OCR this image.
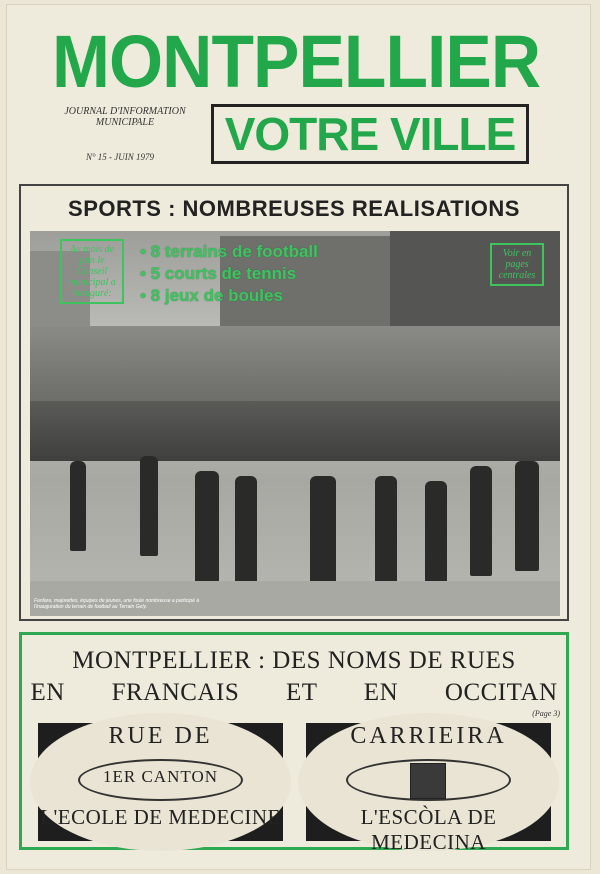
MONTPELLIER
JOURNAL D'INFORMATION MUNICIPALE
N° 15 - JUIN 1979	VOTRE VILLE
SPORTS : NOMBREUSES REALISATIONS
Au mois de juin le Conseil municipal a inauguré:
• 8 terrains de football
• 5 courts de tennis
• 8 jeux de boules
Voir en pages centrales
Fanfare, majorettes, équipes de jeunes, une foule nombreuse a participé à l'inauguration du terrain de football au Terrain Gely.
MONTPELLIER : DES NOMS DE RUES
EN FRANCAIS ET EN OCCITAN
(Page 3)
RUE DE
1ER CANTON
L'ECOLE DE MEDECINE
CARRIEIRA
L'ESCÒLA DE MEDECINA
